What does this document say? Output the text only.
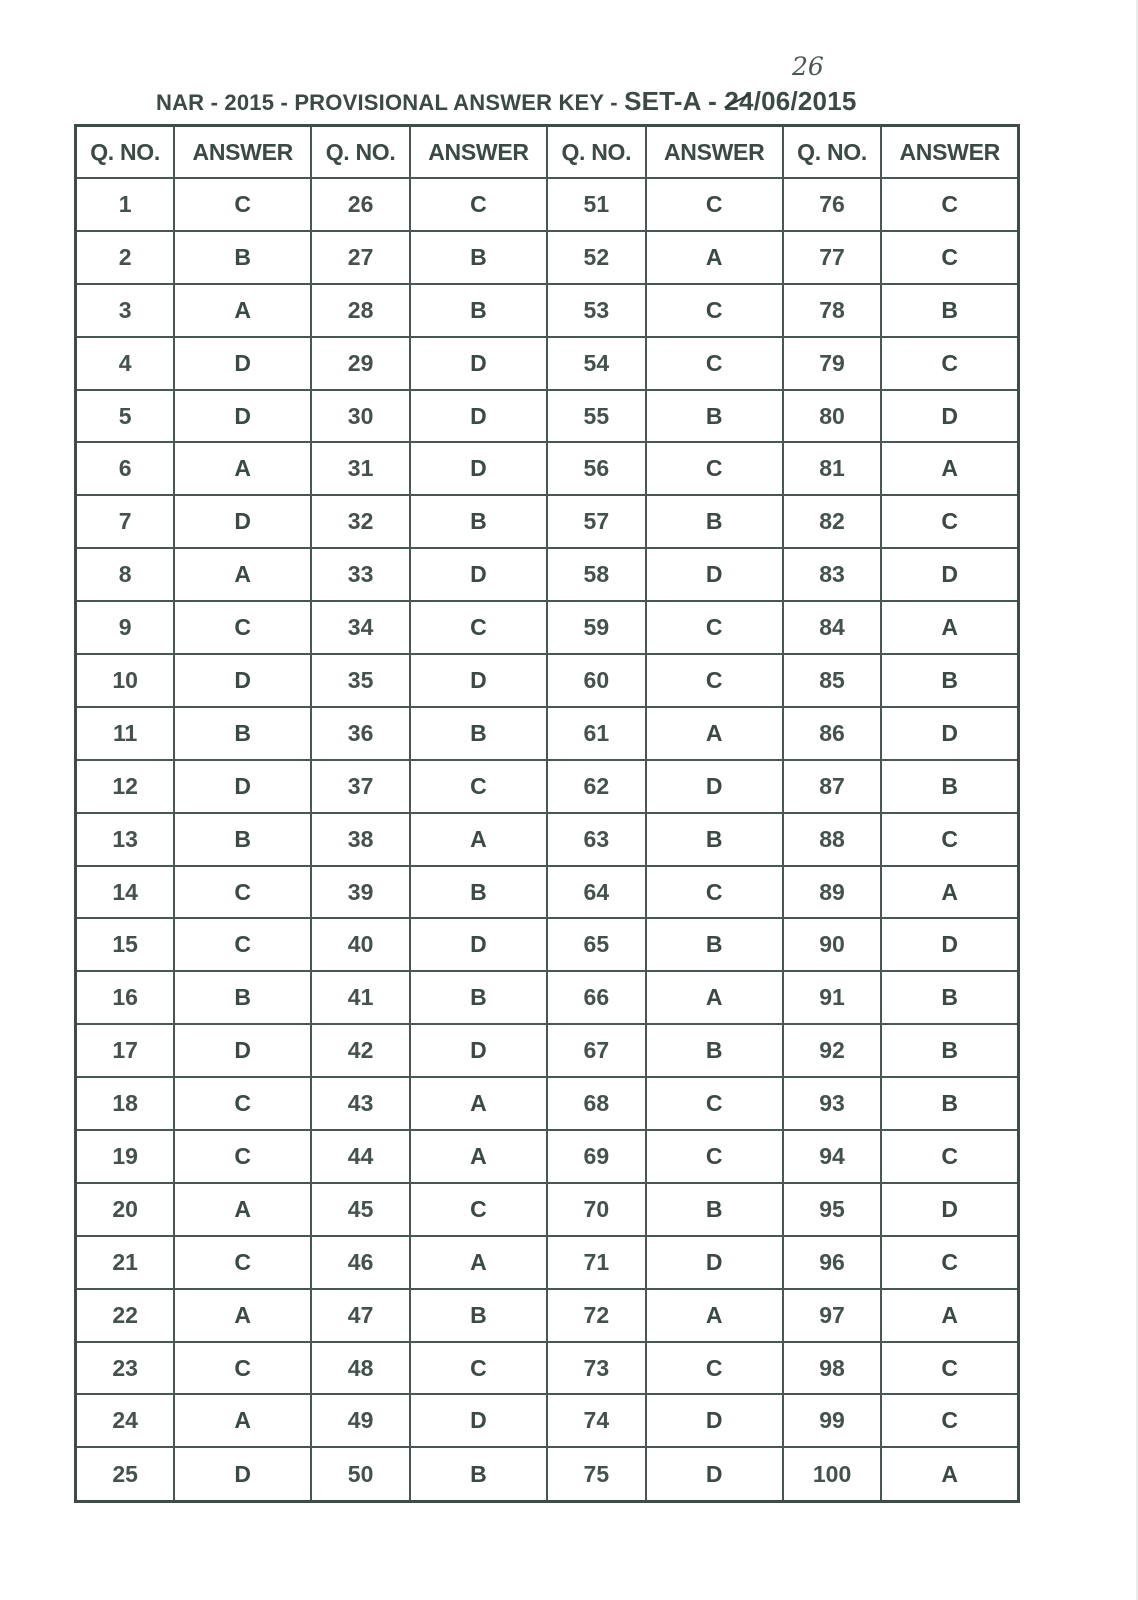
26
NAR - 2015 - PROVISIONAL ANSWER KEY - SET-A - 24/06/2015
Q. NO.	ANSWER	Q. NO.	ANSWER	Q. NO.	ANSWER	Q. NO.	ANSWER
1	C	26	C	51	C	76	C
2	B	27	B	52	A	77	C
3	A	28	B	53	C	78	B
4	D	29	D	54	C	79	C
5	D	30	D	55	B	80	D
6	A	31	D	56	C	81	A
7	D	32	B	57	B	82	C
8	A	33	D	58	D	83	D
9	C	34	C	59	C	84	A
10	D	35	D	60	C	85	B
11	B	36	B	61	A	86	D
12	D	37	C	62	D	87	B
13	B	38	A	63	B	88	C
14	C	39	B	64	C	89	A
15	C	40	D	65	B	90	D
16	B	41	B	66	A	91	B
17	D	42	D	67	B	92	B
18	C	43	A	68	C	93	B
19	C	44	A	69	C	94	C
20	A	45	C	70	B	95	D
21	C	46	A	71	D	96	C
22	A	47	B	72	A	97	A
23	C	48	C	73	C	98	C
24	A	49	D	74	D	99	C
25	D	50	B	75	D	100	A
